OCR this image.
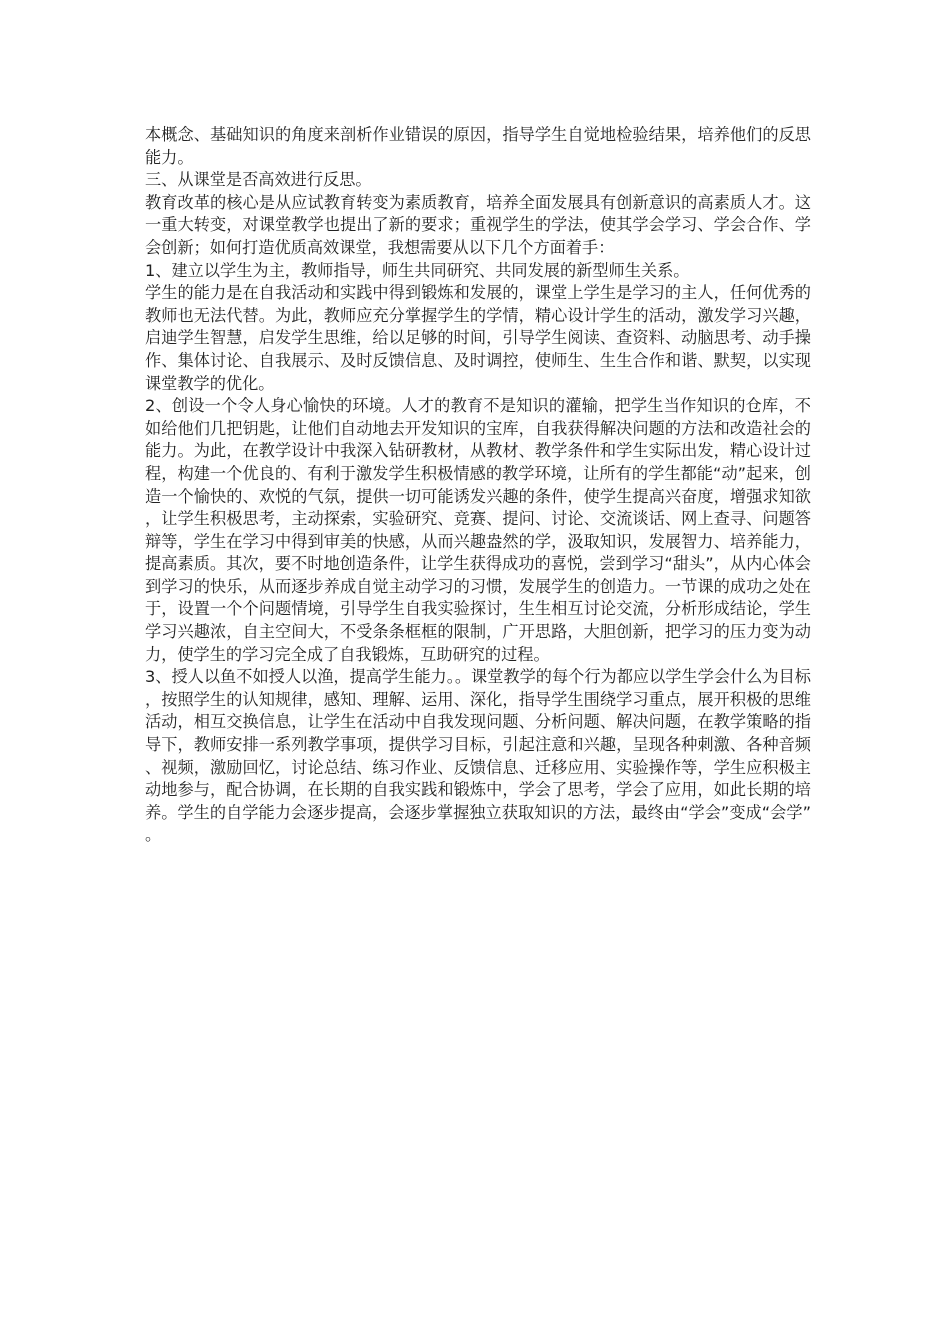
本概念、基础知识的角度来剖析作业错误的原因，指导学生自觉地检验结果，培养他们的反思能力。

三、从课堂是否高效进行反思。

教育改革的核心是从应试教育转变为素质教育，培养全面发展具有创新意识的高素质人才。这一重大转变，对课堂教学也提出了新的要求；重视学生的学法，使其学会学习、学会合作、学会创新；如何打造优质高效课堂，我想需要从以下几个方面着手：

1、建立以学生为主，教师指导，师生共同研究、共同发展的新型师生关系。

学生的能力是在自我活动和实践中得到锻炼和发展的，课堂上学生是学习的主人，任何优秀的教师也无法代替。为此，教师应充分掌握学生的学情，精心设计学生的活动，激发学习兴趣，启迪学生智慧，启发学生思维，给以足够的时间，引导学生阅读、查资料、动脑思考、动手操作、集体讨论、自我展示、及时反馈信息、及时调控，使师生、生生合作和谐、默契，以实现课堂教学的优化。

2、创设一个令人身心愉快的环境。人才的教育不是知识的灌输，把学生当作知识的仓库，不如给他们几把钥匙，让他们自动地去开发知识的宝库，自我获得解决问题的方法和改造社会的能力。为此，在教学设计中我深入钻研教材，从教材、教学条件和学生实际出发，精心设计过程，构建一个优良的、有利于激发学生积极情感的教学环境，让所有的学生都能“动”起来，创造一个愉快的、欢悦的气氛，提供一切可能诱发兴趣的条件，使学生提高兴奋度，增强求知欲，让学生积极思考，主动探索，实验研究、竞赛、提问、讨论、交流谈话、网上查寻、问题答辩等，学生在学习中得到审美的快感，从而兴趣盎然的学，汲取知识，发展智力、培养能力，提高素质。其次，要不时地创造条件，让学生获得成功的喜悦，尝到学习“甜头”，从内心体会到学习的快乐，从而逐步养成自觉主动学习的习惯，发展学生的创造力。一节课的成功之处在于，设置一个个问题情境，引导学生自我实验探讨，生生相互讨论交流，分析形成结论，学生学习兴趣浓，自主空间大，不受条条框框的限制，广开思路，大胆创新，把学习的压力变为动力，使学生的学习完全成了自我锻炼，互助研究的过程。

3、授人以鱼不如授人以渔，提高学生能力。。课堂教学的每个行为都应以学生学会什么为目标，按照学生的认知规律，感知、理解、运用、深化，指导学生围绕学习重点，展开积极的思维活动，相互交换信息，让学生在活动中自我发现问题、分析问题、解决问题，在教学策略的指导下，教师安排一系列教学事项，提供学习目标，引起注意和兴趣，呈现各种刺激、各种音频、视频，激励回忆，讨论总结、练习作业、反馈信息、迁移应用、实验操作等，学生应积极主动地参与，配合协调，在长期的自我实践和锻炼中，学会了思考，学会了应用，如此长期的培养。学生的自学能力会逐步提高，会逐步掌握独立获取知识的方法，最终由“学会”变成“会学”。
